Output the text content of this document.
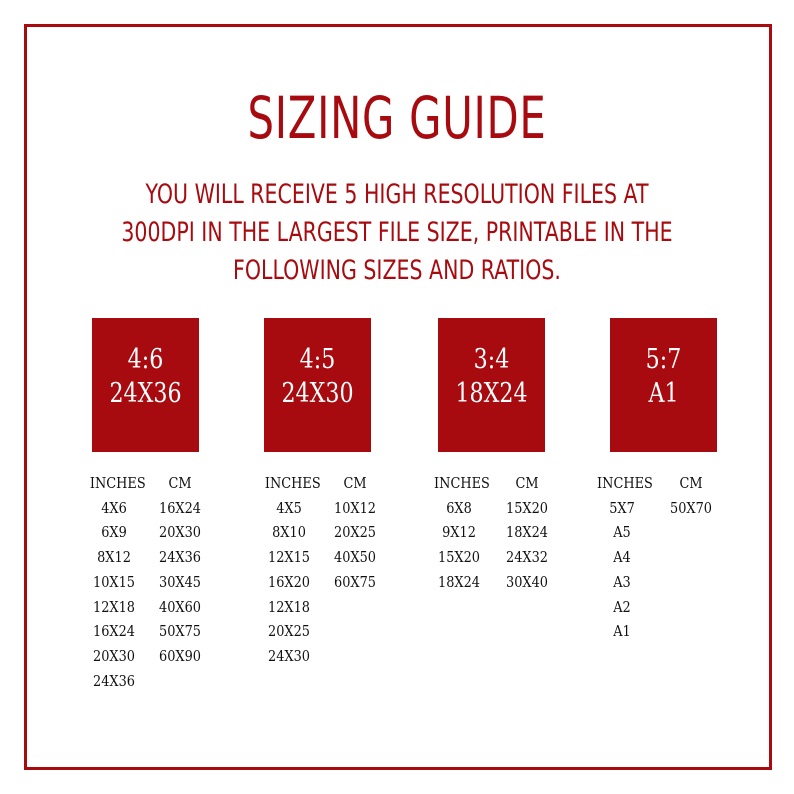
SIZING GUIDE
YOU WILL RECEIVE 5 HIGH RESOLUTION FILES AT
300DPI IN THE LARGEST FILE SIZE, PRINTABLE IN THE
FOLLOWING SIZES AND RATIOS.
4:6
24X36
INCHES
4X6
6X9
8X12
10X15
12X18
16X24
20X30
24X36
CM
16X24
20X30
24X36
30X45
40X60
50X75
60X90
4:5
24X30
INCHES
4X5
8X10
12X15
16X20
12X18
20X25
24X30
CM
10X12
20X25
40X50
60X75
3:4
18X24
INCHES
6X8
9X12
15X20
18X24
CM
15X20
18X24
24X32
30X40
5:7
A1
INCHES
5X7
A5
A4
A3
A2
A1
CM
50X70
